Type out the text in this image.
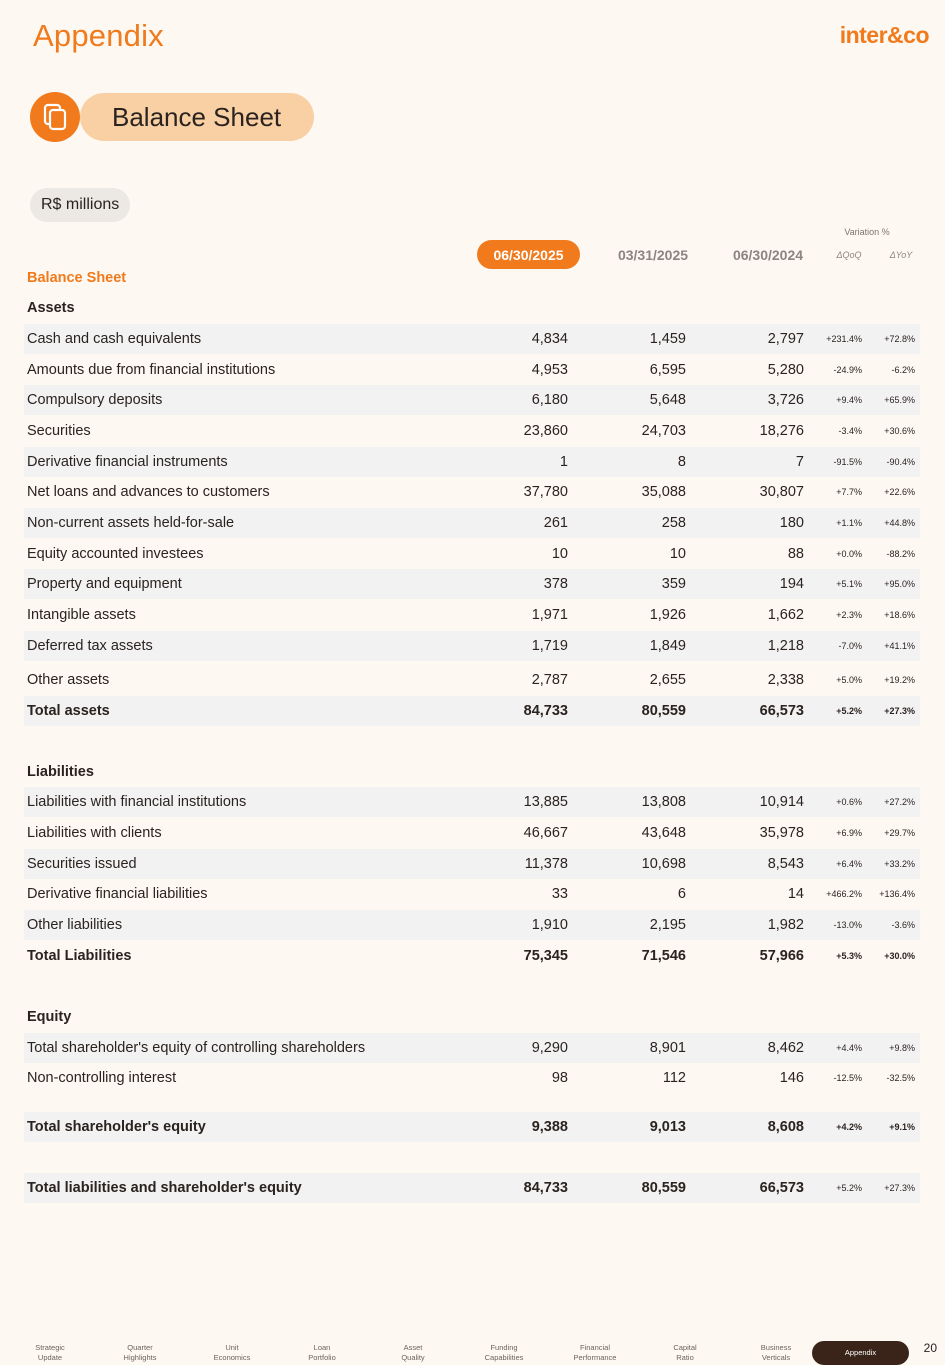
Appendix	inter&co
Balance Sheet
R$ millions
Variation %
06/30/2025	03/31/2025	06/30/2024	ΔQoQ	ΔYoY
Balance Sheet
Assets
Cash and cash equivalents	4,834	1,459	2,797 +231.4% +72.8%
Amounts due from financial institutions	4,953	6,595	5,280	-24.9%	-6.2%
Compulsory deposits	6,180	5,648	3,726	+9.4% +65.9%
Securities	23,860	24,703	18,276	-3.4% +30.6%
Derivative financial instruments	1	8	7	-91.5%	-90.4%
Net loans and advances to customers	37,780	35,088	30,807	+7.7% +22.6%
Non-current assets held-for-sale	261	258	180	+1.1% +44.8%
Equity accounted investees	10	10	88	+0.0%	-88.2%
Property and equipment	378	359	194	+5.1% +95.0%
Intangible assets	1,971	1,926	1,662	+2.3% +18.6%
Deferred tax assets	1,719	1,849	1,218	-7.0% +41.1%
Other assets	2,787	2,655	2,338	+5.0% +19.2%
Total assets	84,733	80,559	66,573	+5.2% +27.3%
Liabilities
Liabilities with financial institutions	13,885	13,808	10,914	+0.6% +27.2%
Liabilities with clients	46,667	43,648	35,978	+6.9% +29.7%
Securities issued	11,378	10,698	8,543	+6.4% +33.2%
Derivative financial liabilities	33	6	14 +466.2% +136.4%
Other liabilities	1,910	2,195	1,982	-13.0%	-3.6%
Total Liabilities	75,345	71,546	57,966	+5.3% +30.0%
Equity
Total shareholder's equity of controlling shareholders	9,290	8,901	8,462	+4.4%	+9.8%
Non-controlling interest	98	112	146	-12.5%	-32.5%
Total shareholder's equity	9,388	9,013	8,608	+4.2%	+9.1%
Total liabilities and shareholder's equity	84,733	80,559	66,573	+5.2% +27.3%
Strategic
Update
Quarter
Highlights
Unit
Economics
Loan
Portfolio
Asset
Quality
Funding
Capabilities
Financial
Performance
Capital
Ratio
Business
Verticals
Appendix	20
